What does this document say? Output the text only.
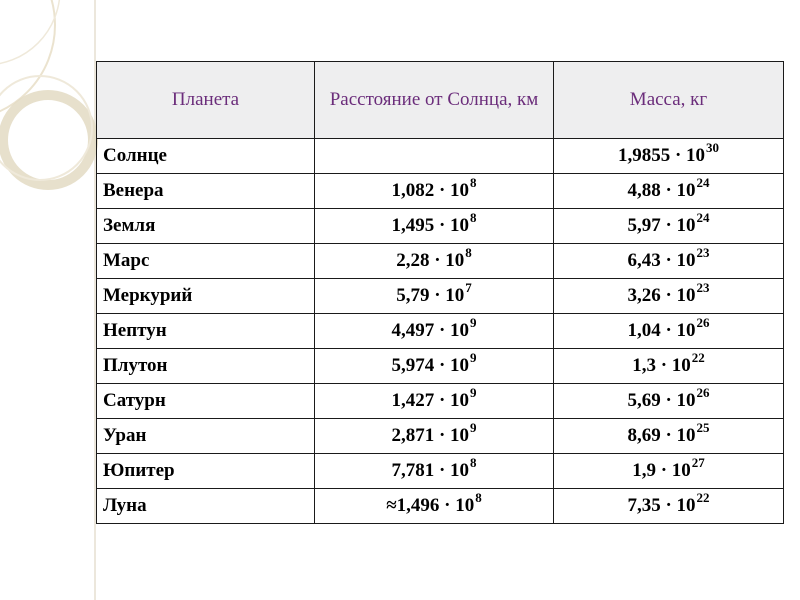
Планета	Расстояние от Солнца, км	Масса, кг
Солнце		$1,9855 \cdot 10^{30}$
Венера	$1,082 \cdot 10^8$	$4,88 \cdot 10^{24}$
Земля	$1,495 \cdot 10^8$	$5,97 \cdot 10^{24}$
Марс	$2,28 \cdot 10^8$	$6,43 \cdot 10^{23}$
Меркурий	$5,79 \cdot 10^7$	$3,26 \cdot 10^{23}$
Нептун	$4,497 \cdot 10^9$	$1,04 \cdot 10^{26}$
Плутон	$5,974 \cdot 10^9$	$1,3 \cdot 10^{22}$
Сатурн	$1,427 \cdot 10^9$	$5,69 \cdot 10^{26}$
Уран	$2,871 \cdot 10^9$	$8,69 \cdot 10^{25}$
Юпитер	$7,781 \cdot 10^8$	$1,9 \cdot 10^{27}$
Луна	$\approx 1,496 \cdot 10^8$	$7,35 \cdot 10^{22}$
